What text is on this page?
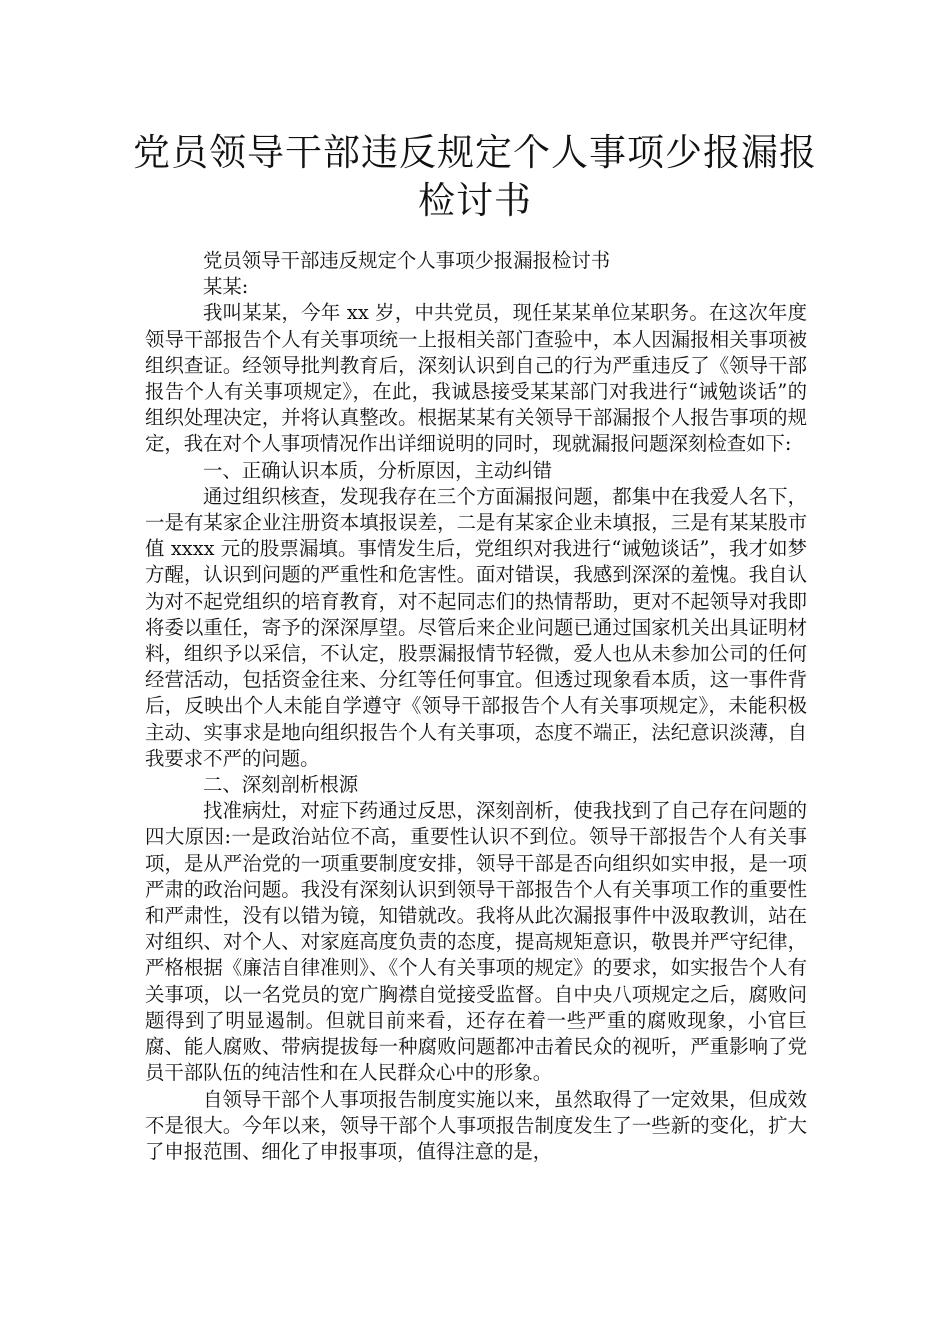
党员领导干部违反规定个人事项少报漏报
检讨书

党员领导干部违反规定个人事项少报漏报检讨书

某某:

我叫某某，今年 xx 岁，中共党员，现任某某单位某职务。在这次年度领导干部报告个人有关事项统一上报相关部门查验中，本人因漏报相关事项被组织查证。经领导批判教育后，深刻认识到自己的行为严重违反了《领导干部报告个人有关事项规定》，在此，我诚恳接受某某部门对我进行“诫勉谈话”的组织处理决定，并将认真整改。根据某某有关领导干部漏报个人报告事项的规定，我在对个人事项情况作出详细说明的同时，现就漏报问题深刻检查如下:

一、正确认识本质，分析原因，主动纠错

通过组织核查，发现我存在三个方面漏报问题，都集中在我爱人名下，一是有某家企业注册资本填报误差，二是有某家企业未填报，三是有某某股市值 xxxx 元的股票漏填。事情发生后，党组织对我进行“诫勉谈话”，我才如梦方醒，认识到问题的严重性和危害性。面对错误，我感到深深的羞愧。我自认为对不起党组织的培育教育，对不起同志们的热情帮助，更对不起领导对我即将委以重任，寄予的深深厚望。尽管后来企业问题已通过国家机关出具证明材料，组织予以采信，不认定，股票漏报情节轻微，爱人也从未参加公司的任何经营活动，包括资金往来、分红等任何事宜。但透过现象看本质，这一事件背后，反映出个人未能自学遵守《领导干部报告个人有关事项规定》，未能积极主动、实事求是地向组织报告个人有关事项，态度不端正，法纪意识淡薄，自我要求不严的问题。

二、深刻剖析根源

找准病灶，对症下药通过反思，深刻剖析，使我找到了自己存在问题的四大原因:一是政治站位不高，重要性认识不到位。领导干部报告个人有关事项，是从严治党的一项重要制度安排，领导干部是否向组织如实申报，是一项严肃的政治问题。我没有深刻认识到领导干部报告个人有关事项工作的重要性和严肃性，没有以错为镜，知错就改。我将从此次漏报事件中汲取教训，站在对组织、对个人、对家庭高度负责的态度，提高规矩意识，敬畏并严守纪律，严格根据《廉洁自律准则》、《个人有关事项的规定》的要求，如实报告个人有关事项，以一名党员的宽广胸襟自觉接受监督。自中央八项规定之后，腐败问题得到了明显遏制。但就目前来看，还存在着一些严重的腐败现象，小官巨腐、能人腐败、带病提拔每一种腐败问题都冲击着民众的视听，严重影响了党员干部队伍的纯洁性和在人民群众心中的形象。

自领导干部个人事项报告制度实施以来，虽然取得了一定效果，但成效不是很大。今年以来，领导干部个人事项报告制度发生了一些新的变化，扩大了申报范围、细化了申报事项，值得注意的是，
